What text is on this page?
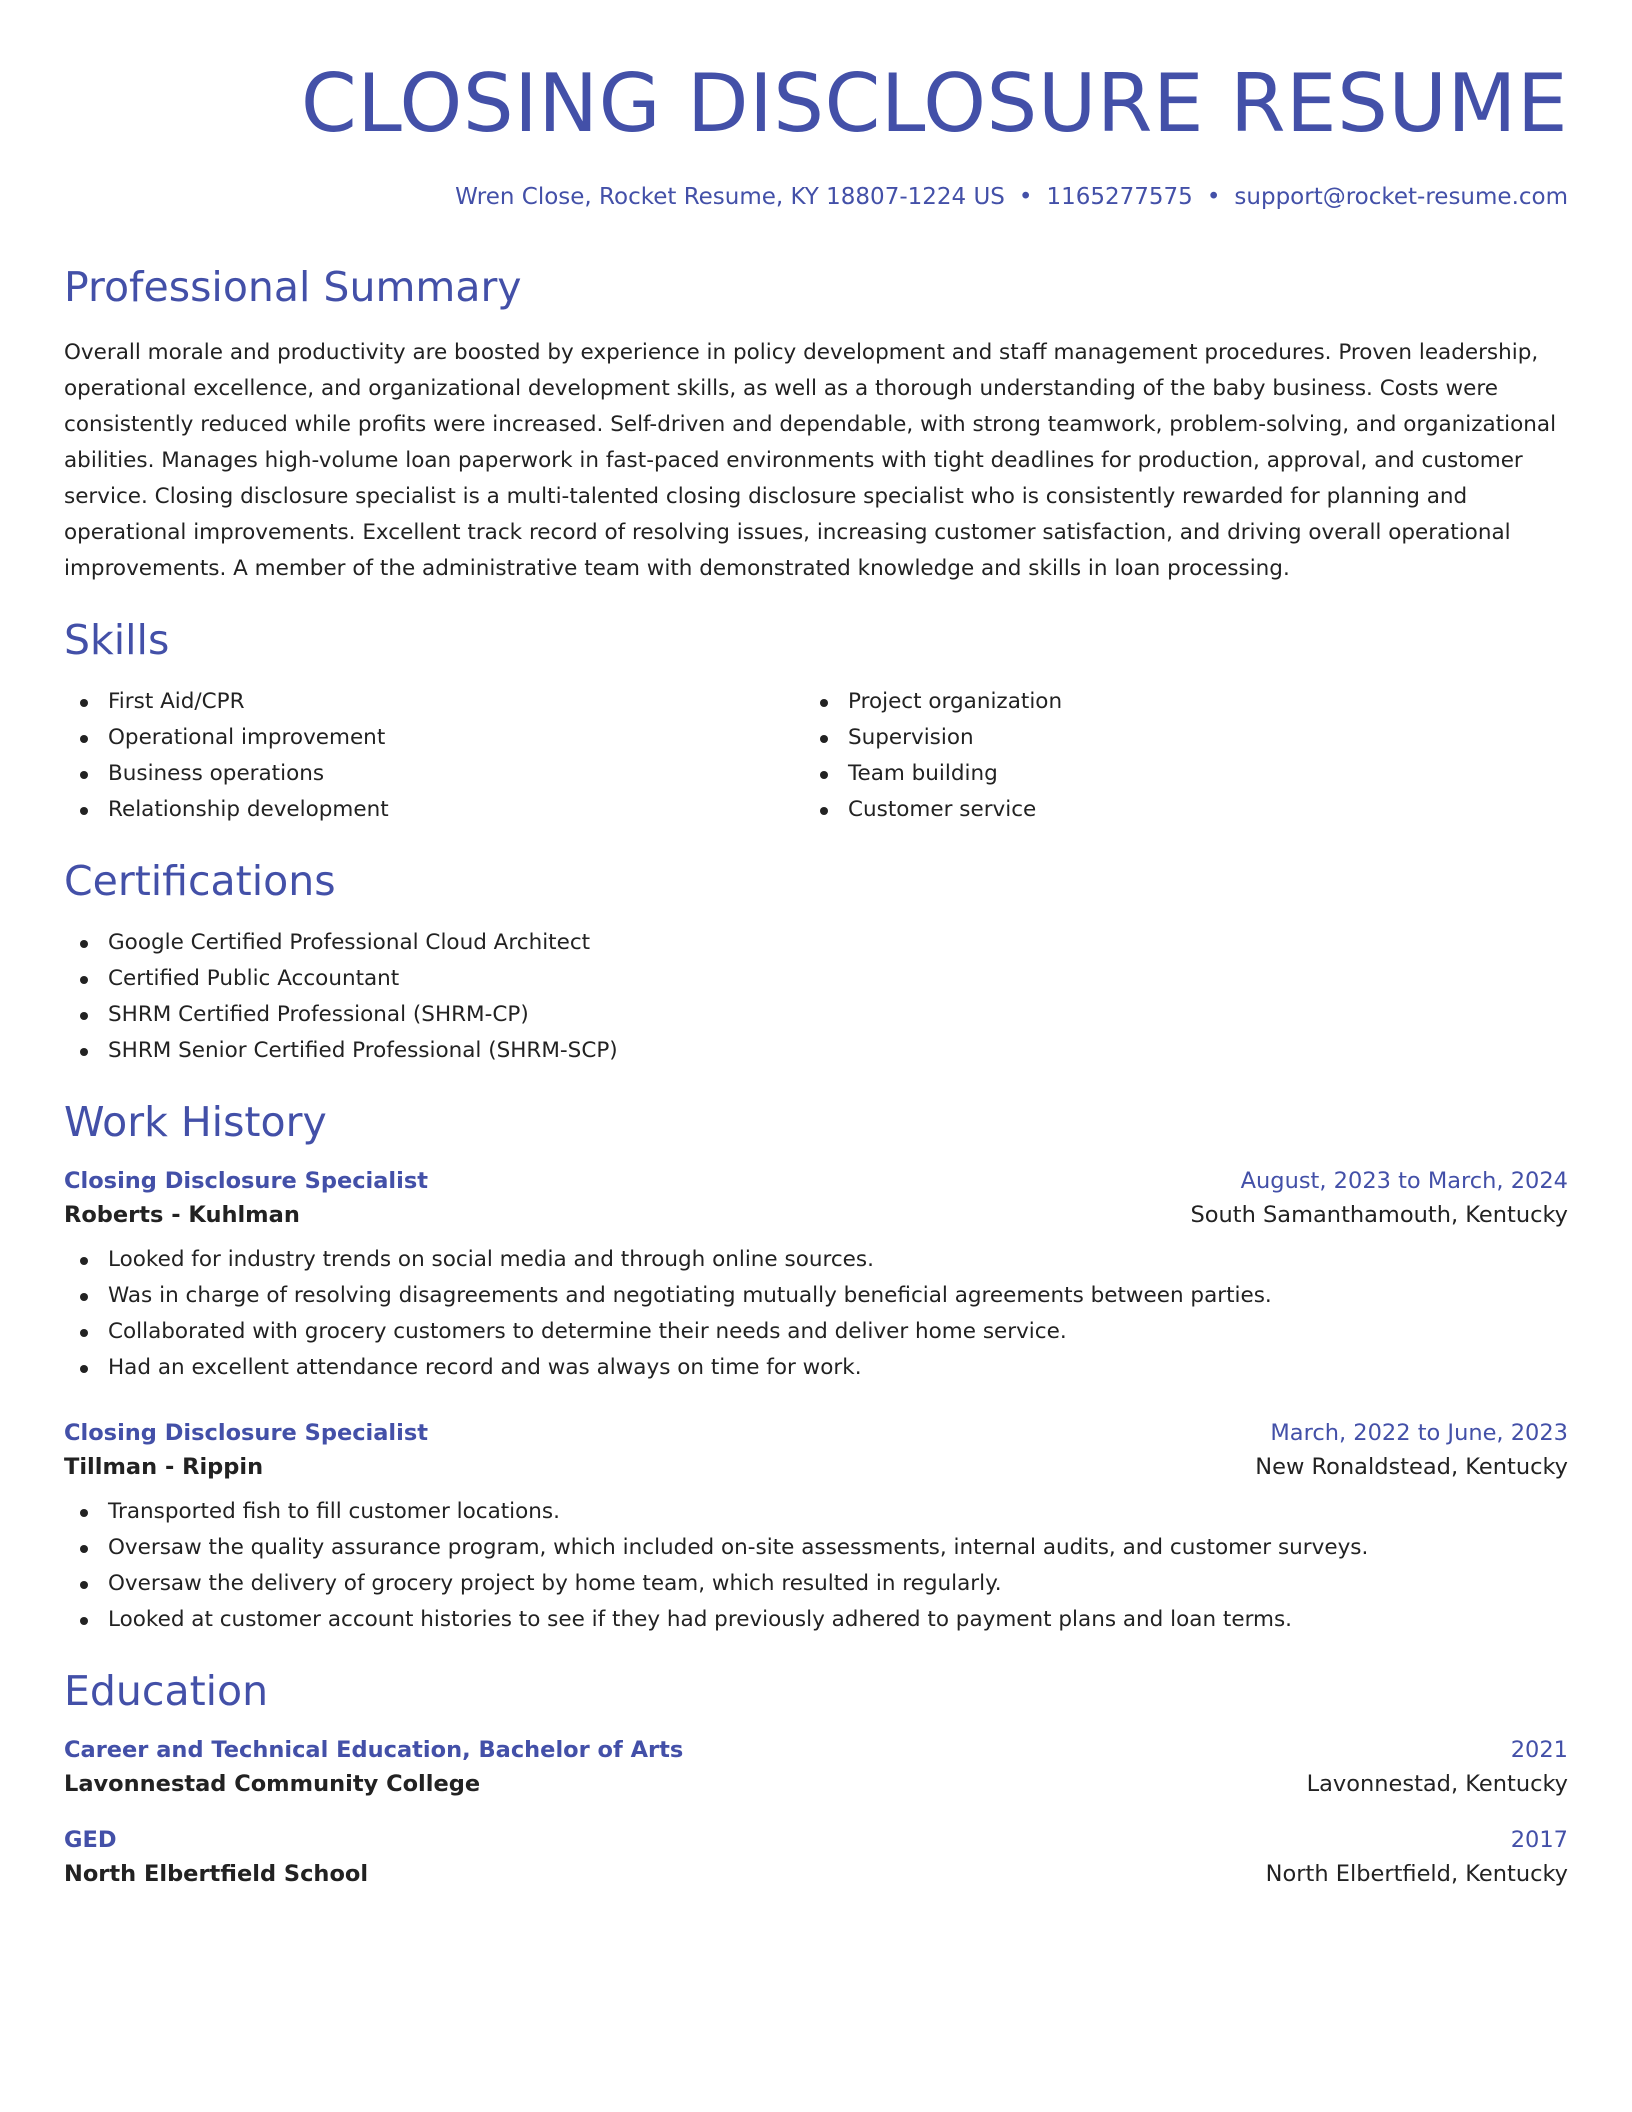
CLOSING DISCLOSURE RESUME
Wren Close, Rocket Resume, KY 18807-1224 US • 1165277575 • support@rocket-resume.com
Professional Summary

Overall morale and productivity are boosted by experience in policy development and staff management procedures. Proven leadership, operational excellence, and organizational development skills, as well as a thorough understanding of the baby business. Costs were consistently reduced while profits were increased. Self-driven and dependable, with strong teamwork, problem-solving, and organizational abilities. Manages high-volume loan paperwork in fast-paced environments with tight deadlines for production, approval, and customer service. Closing disclosure specialist is a multi-talented closing disclosure specialist who is consistently rewarded for planning and operational improvements. Excellent track record of resolving issues, increasing customer satisfaction, and driving overall operational improvements. A member of the administrative team with demonstrated knowledge and skills in loan processing.

Skills
First Aid/CPR
Operational improvement
Business operations
Relationship development
Project organization
Supervision
Team building
Customer service
Certifications
Google Certified Professional Cloud Architect
Certified Public Accountant
SHRM Certified Professional (SHRM-CP)
SHRM Senior Certified Professional (SHRM-SCP)
Work History
Closing Disclosure Specialist	August, 2023 to March, 2024
Roberts - Kuhlman	South Samanthamouth, Kentucky
Looked for industry trends on social media and through online sources.
Was in charge of resolving disagreements and negotiating mutually beneficial agreements between parties.
Collaborated with grocery customers to determine their needs and deliver home service.
Had an excellent attendance record and was always on time for work.
Closing Disclosure Specialist	March, 2022 to June, 2023
Tillman - Rippin	New Ronaldstead, Kentucky
Transported fish to fill customer locations.
Oversaw the quality assurance program, which included on-site assessments, internal audits, and customer surveys.
Oversaw the delivery of grocery project by home team, which resulted in regularly.
Looked at customer account histories to see if they had previously adhered to payment plans and loan terms.
Education
Career and Technical Education, Bachelor of Arts	2021
Lavonnestad Community College	Lavonnestad, Kentucky
GED	2017
North Elbertfield School	North Elbertfield, Kentucky
